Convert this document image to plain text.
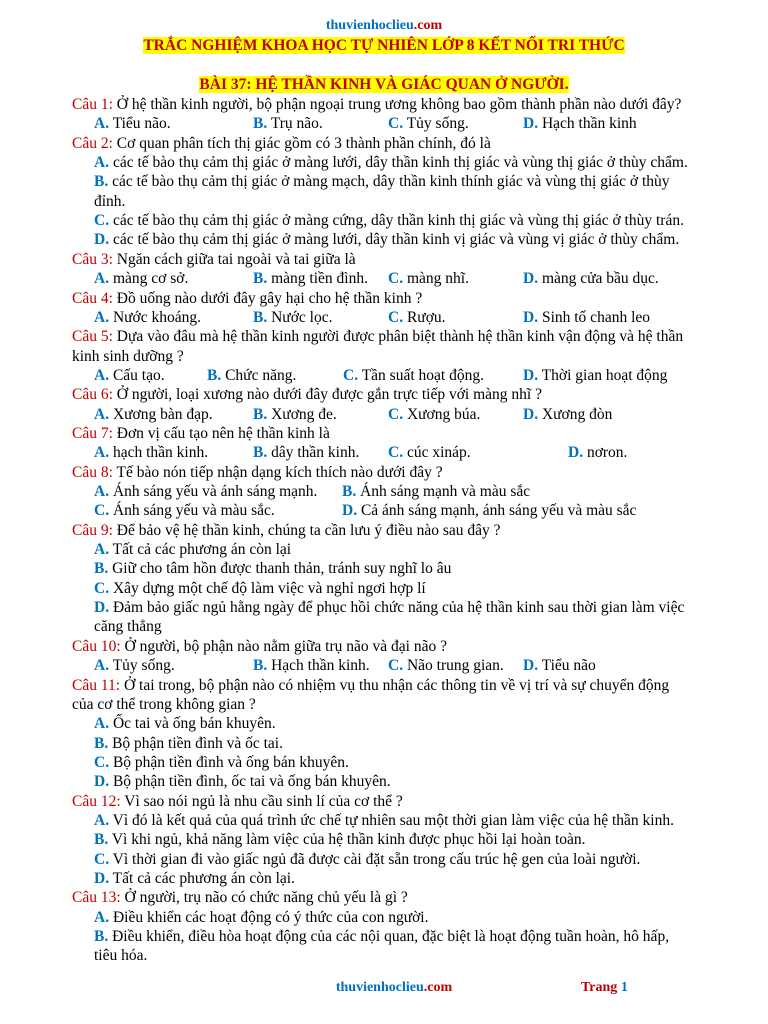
thuvienhoclieu.com
TRẮC NGHIỆM KHOA HỌC TỰ NHIÊN LỚP 8 KẾT NỐI TRI THỨC
BÀI 37: HỆ THẦN KINH VÀ GIÁC QUAN Ở NGƯỜI.
Câu 1: Ở hệ thần kinh người, bộ phận ngoại trung ương không bao gồm thành phần nào dưới đây?
A. Tiểu não.	B. Trụ não.	C. Tủy sống.	D. Hạch thần kinh
Câu 2: Cơ quan phân tích thị giác gồm có 3 thành phần chính, đó là
A. các tế bào thụ cảm thị giác ở màng lưới, dây thần kinh thị giác và vùng thị giác ở thùy chẩm.
B. các tế bào thụ cảm thị giác ở màng mạch, dây thần kinh thính giác và vùng thị giác ở thùy
đỉnh.
C. các tế bào thụ cảm thị giác ở màng cứng, dây thần kinh thị giác và vùng thị giác ở thùy trán.
D. các tế bào thụ cảm thị giác ở màng lưới, dây thần kinh vị giác và vùng vị giác ở thùy chẩm.
Câu 3: Ngăn cách giữa tai ngoài và tai giữa là
A. màng cơ sở.	B. màng tiền đình. C. màng nhĩ.	D. màng cửa bầu dục.
Câu 4: Đồ uống nào dưới đây gây hại cho hệ thần kinh ?
A. Nước khoáng.	B. Nước lọc.	C. Rượu.	D. Sinh tố chanh leo
Câu 5: Dựa vào đâu mà hệ thần kinh người được phân biệt thành hệ thần kinh vận động và hệ thần
kinh sinh dưỡng ?
A. Cấu tạo.	B. Chức năng.	C. Tần suất hoạt động.	D. Thời gian hoạt động
Câu 6: Ở người, loại xương nào dưới đây được gắn trực tiếp với màng nhĩ ?
A. Xương bàn đạp.	B. Xương đe.	C. Xương búa.	D. Xương đòn
Câu 7: Đơn vị cấu tạo nên hệ thần kinh là
A. hạch thần kinh.	B. dây thần kinh. C. cúc xináp.	D. nơron.
Câu 8: Tế bào nón tiếp nhận dạng kích thích nào dưới đây ?
A. Ánh sáng yếu và ánh sáng mạnh. B. Ánh sáng mạnh và màu sắc
C. Ánh sáng yếu và màu sắc.	D. Cả ánh sáng mạnh, ánh sáng yếu và màu sắc
Câu 9: Để bảo vệ hệ thần kinh, chúng ta cần lưu ý điều nào sau đây ?
A. Tất cả các phương án còn lại
B. Giữ cho tâm hồn được thanh thản, tránh suy nghĩ lo âu
C. Xây dựng một chế độ làm việc và nghỉ ngơi hợp lí
D. Đảm bảo giấc ngủ hằng ngày để phục hồi chức năng của hệ thần kinh sau thời gian làm việc
căng thẳng
Câu 10: Ở người, bộ phận nào nằm giữa trụ não và đại não ?
A. Tủy sống.	B. Hạch thần kinh. C. Não trung gian. D. Tiểu não
Câu 11: Ở tai trong, bộ phận nào có nhiệm vụ thu nhận các thông tin về vị trí và sự chuyển động
của cơ thể trong không gian ?
A. Ốc tai và ống bán khuyên.
B. Bộ phận tiền đình và ốc tai.
C. Bộ phận tiền đình và ống bán khuyên.
D. Bộ phận tiền đình, ốc tai và ống bán khuyên.
Câu 12: Vì sao nói ngủ là nhu cầu sinh lí của cơ thể ?
A. Vì đó là kết quả của quá trình ức chế tự nhiên sau một thời gian làm việc của hệ thần kinh.
B. Vì khi ngủ, khả năng làm việc của hệ thần kinh được phục hồi lại hoàn toàn.
C. Vì thời gian đi vào giấc ngủ đã được cài đặt sẵn trong cấu trúc hệ gen của loài người.
D. Tất cả các phương án còn lại.
Câu 13: Ở người, trụ não có chức năng chủ yếu là gì ?
A. Điều khiển các hoạt động có ý thức của con người.
B. Điều khiển, điều hòa hoạt động của các nội quan, đặc biệt là hoạt động tuần hoàn, hô hấp,
tiêu hóa.
thuvienhoclieu.com	Trang 1
